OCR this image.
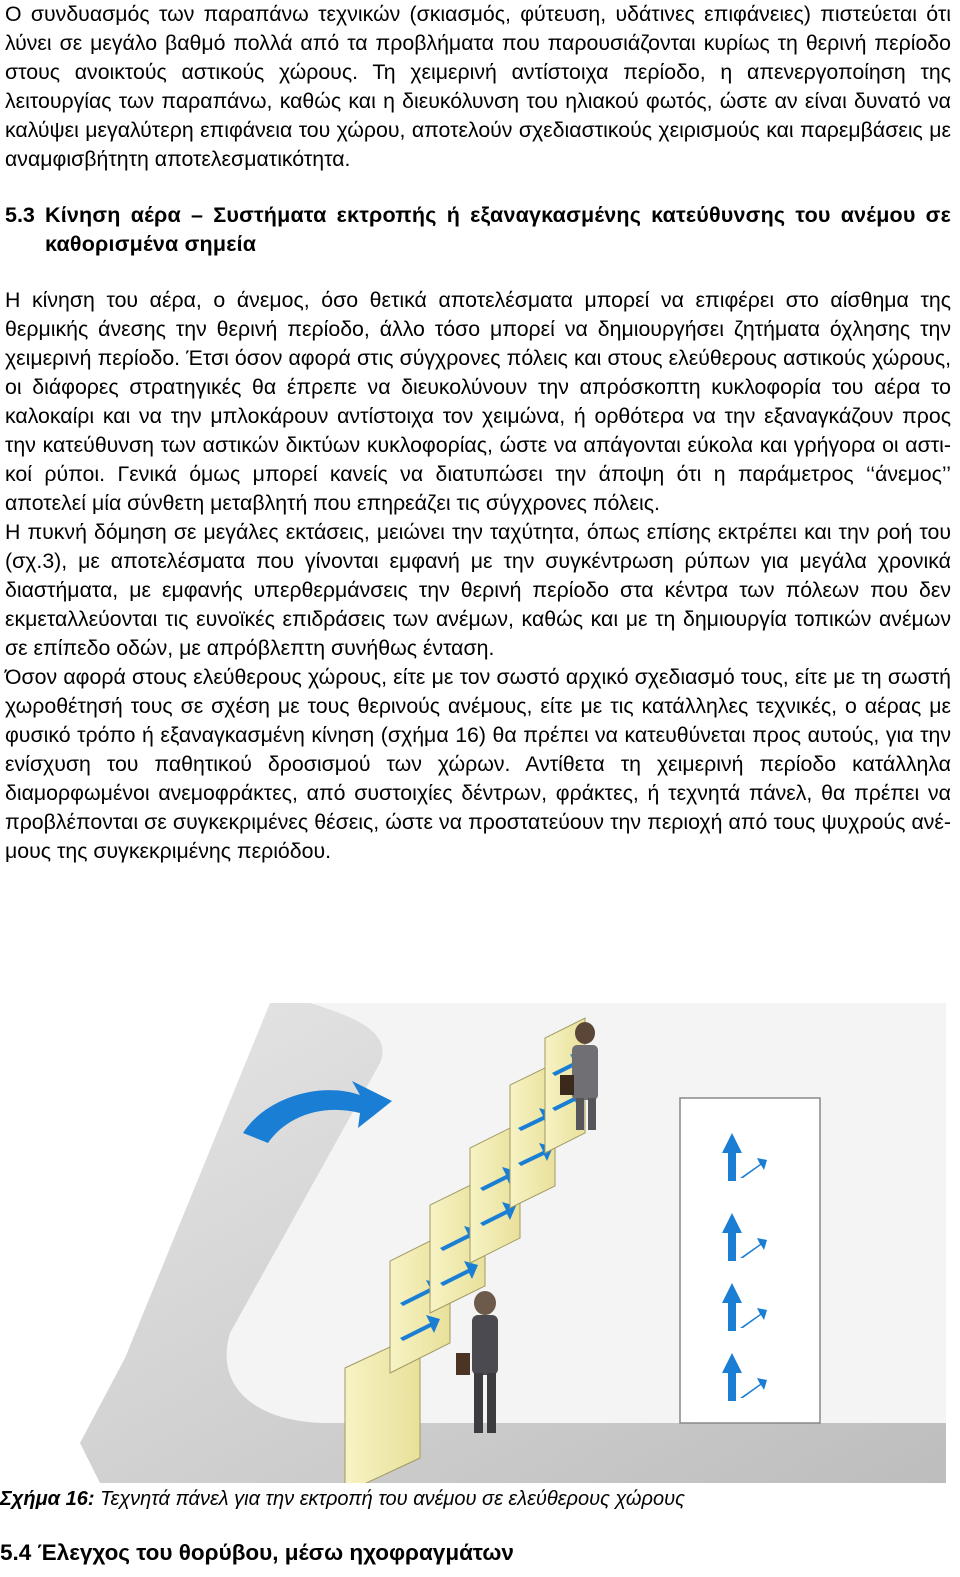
Ο συνδυασμός των παραπάνω τεχνικών (σκιασμός, φύτευση, υδάτινες επιφάνειες) πιστεύεται ότι λύνει σε μεγάλο βαθμό πολλά από τα προβλήματα που παρουσιάζονται κυρίως τη θερινή περίοδο στους ανοικτούς αστικούς χώρους. Τη χειμερινή αντίστοιχα περίοδο, η απενεργοποίηση της λειτουργίας των παραπάνω, καθώς και η διευκόλυνση του ηλιακού φωτός, ώστε αν είναι δυνατό να καλύψει μεγαλύτερη επιφάνεια του χώρου, αποτελούν σχεδιαστικούς χειρισμούς και παρεμβάσεις με αναμφισβήτητη αποτελεσματικότητα.

5.3 Κίνηση αέρα – Συστήματα εκτροπής ή εξαναγκασμένης κατεύθυνσης του ανέμου σε καθορισμένα σημεία

Η κίνηση του αέρα, ο άνεμος, όσο θετικά αποτελέσματα μπορεί να επιφέρει στο αίσθημα της θερμικής άνεσης την θερινή περίοδο, άλλο τόσο μπορεί να δημιουργήσει ζητήματα όχλησης την χειμερινή περίοδο. Έτσι όσον αφορά στις σύγχρονες πόλεις και στους ελεύθερους αστικούς χώρους, οι διάφορες στρατηγικές θα έπρεπε να διευκολύνουν την απρόσκοπτη κυκλοφορία του αέρα το καλοκαίρι και να την μπλοκάρουν αντίστοιχα τον χειμώνα, ή ορθότερα να την εξαναγκάζουν προς την κατεύθυνση των αστικών δικτύων κυκλοφορίας, ώστε να απάγονται εύκολα και γρήγορα οι αστικοί ρύποι. Γενικά όμως μπορεί κανείς να διατυπώσει την άποψη ότι η παράμετρος ‘‘άνεμος’’ αποτελεί μία σύνθετη μεταβλητή που επηρεάζει τις σύγχρονες πόλεις.

Η πυκνή δόμηση σε μεγάλες εκτάσεις, μειώνει την ταχύτητα, όπως επίσης εκτρέπει και την ροή του (σχ.3), με αποτελέσματα που γίνονται εμφανή με την συγκέντρωση ρύπων για μεγάλα χρονικά διαστήματα, με εμφανής υπερθερμάνσεις την θερινή περίοδο στα κέντρα των πόλεων που δεν εκμεταλλεύονται τις ευνοϊκές επιδράσεις των ανέμων, καθώς και με τη δημιουργία τοπικών ανέμων σε επίπεδο οδών, με απρόβλεπτη συνήθως ένταση.

Όσον αφορά στους ελεύθερους χώρους, είτε με τον σωστό αρχικό σχεδιασμό τους, είτε με τη σωστή χωροθέτησή τους σε σχέση με τους θερινούς ανέμους, είτε με τις κατάλληλες τεχνικές, ο αέρας με φυσικό τρόπο ή εξαναγκασμένη κίνηση (σχήμα 16) θα πρέπει να κατευθύνεται προς αυτούς, για την ενίσχυση του παθητικού δροσισμού των χώρων. Αντίθετα τη χειμερινή περίοδο κατάλληλα διαμορφωμένοι ανεμοφράκτες, από συστοιχίες δέντρων, φράκτες, ή τεχνητά πάνελ, θα πρέπει να προβλέπονται σε συγκεκριμένες θέσεις, ώστε να προστατεύουν την περιοχή από τους ψυχρούς ανέμους της συγκεκριμένης περιόδου.

Σχήμα 16: Τεχνητά πάνελ για την εκτροπή του ανέμου σε ελεύθερους χώρους
5.4 Έλεγχος του θορύβου, μέσω ηχοφραγμάτων
